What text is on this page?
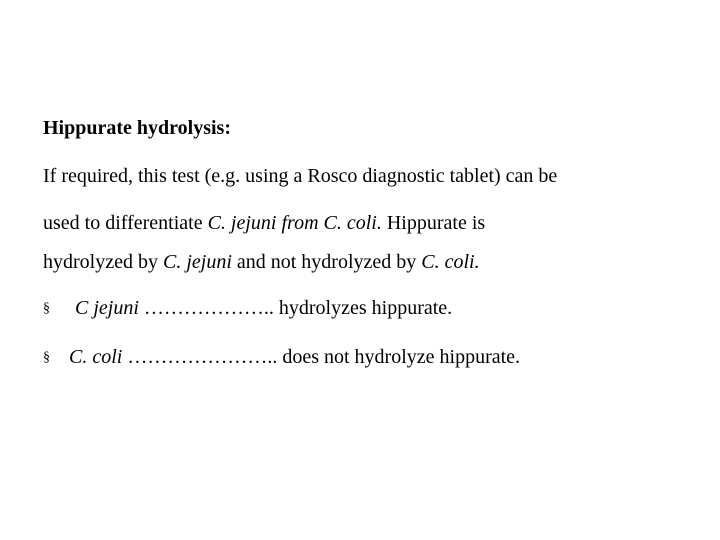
Hippurate hydrolysis:
If required, this test (e.g. using a Rosco diagnostic tablet) can be
used to differentiate C. jejuni from C. coli. Hippurate is
hydrolyzed by C. jejuni and not hydrolyzed by C. coli.
§ C jejuni ……………….. hydrolyzes hippurate.
§ C. coli ………………….. does not hydrolyze hippurate.
